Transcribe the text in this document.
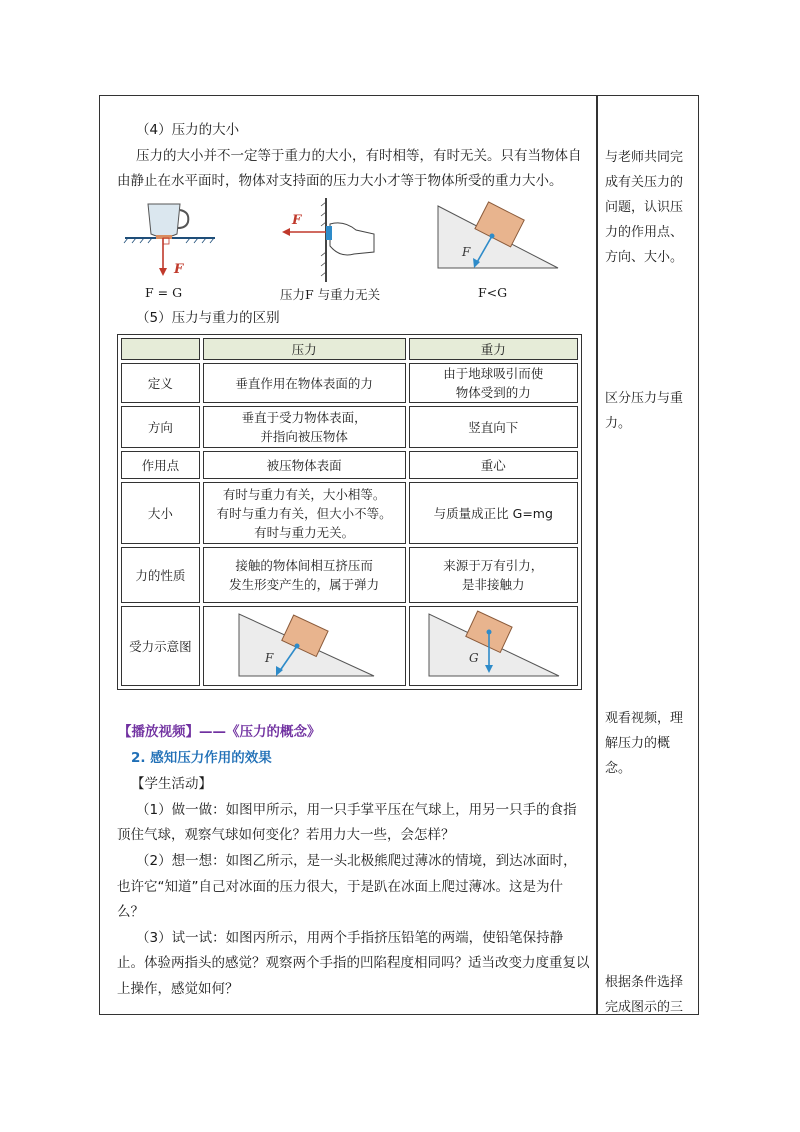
（4）压力的大小
压力的大小并不一定等于重力的大小，有时相等，有时无关。只有当物体自
由静止在水平面时，物体对支持面的压力大小才等于物体所受的重力大小。
F
F = G
F
压力F 与重力无关
F
F<G
（5）压力与重力的区别
	压力	重力
定义	垂直作用在物体表面的力	由于地球吸引而使
物体受到的力

方向	垂直于受力物体表面，
并指向被压物体	竖直向下

作用点	被压物体表面	重心

大小	有时与重力有关，大小相等。
有时与重力有关，但大小不等。
有时与重力无关。	与质量成正比 G=mg

力的性质	接触的物体间相互挤压而
发生形变产生的，属于弹力	来源于万有引力，
是非接触力

受力示意图	F	G
【播放视频】——《压力的概念》
2. 感知压力作用的效果
【学生活动】
（1）做一做：如图甲所示，用一只手掌平压在气球上，用另一只手的食指
顶住气球，观察气球如何变化？若用力大一些，会怎样？
（2）想一想：如图乙所示，是一头北极熊爬过薄冰的情境，到达冰面时，
也许它“知道”自己对冰面的压力很大，于是趴在冰面上爬过薄冰。这是为什
么？
（3）试一试：如图丙所示，用两个手指挤压铅笔的两端，使铅笔保持静
止。体验两指头的感觉？观察两个手指的凹陷程度相同吗？适当改变力度重复以
上操作，感觉如何？
与老师共同完
成有关压力的
问题，认识压
力的作用点、
方向、大小。
区分压力与重
力。
观看视频，理
解压力的概
念。
根据条件选择
完成图示的三
